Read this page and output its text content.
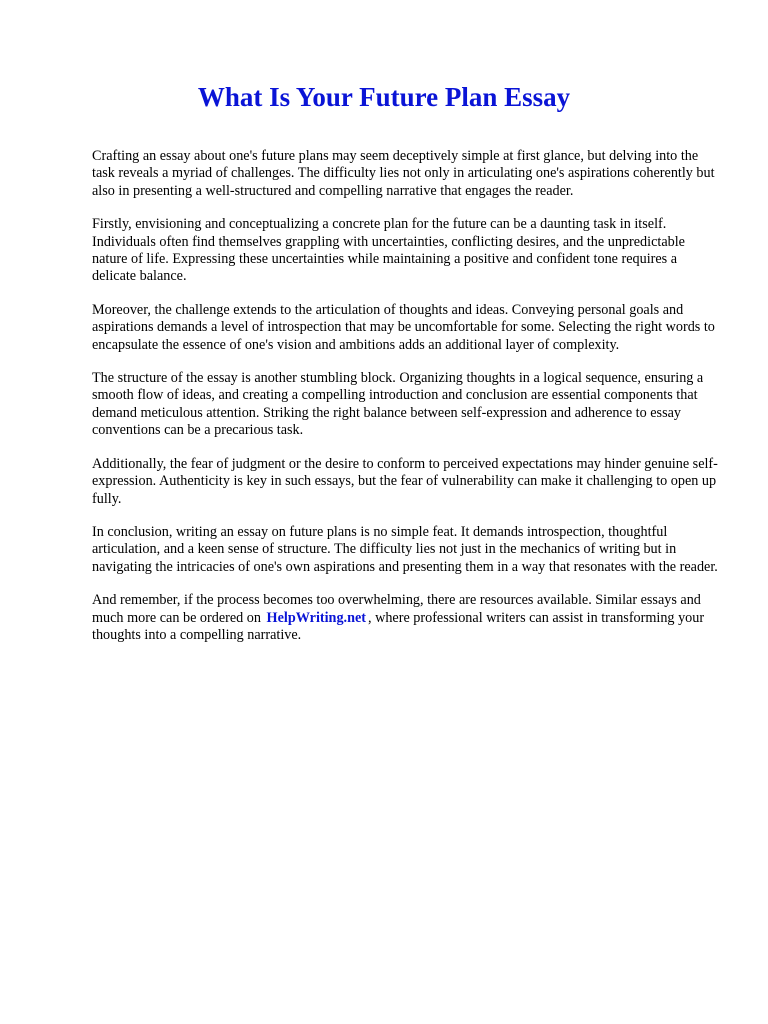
What Is Your Future Plan Essay

Crafting an essay about one's future plans may seem deceptively simple at first glance, but delving into the task reveals a myriad of challenges. The difficulty lies not only in articulating one's aspirations coherently but also in presenting a well-structured and compelling narrative that engages the reader.

Firstly, envisioning and conceptualizing a concrete plan for the future can be a daunting task in itself. Individuals often find themselves grappling with uncertainties, conflicting desires, and the unpredictable nature of life. Expressing these uncertainties while maintaining a positive and confident tone requires a delicate balance.

Moreover, the challenge extends to the articulation of thoughts and ideas. Conveying personal goals and aspirations demands a level of introspection that may be uncomfortable for some. Selecting the right words to encapsulate the essence of one's vision and ambitions adds an additional layer of complexity.

The structure of the essay is another stumbling block. Organizing thoughts in a logical sequence, ensuring a smooth flow of ideas, and creating a compelling introduction and conclusion are essential components that demand meticulous attention. Striking the right balance between self-expression and adherence to essay conventions can be a precarious task.

Additionally, the fear of judgment or the desire to conform to perceived expectations may hinder genuine self-expression. Authenticity is key in such essays, but the fear of vulnerability can make it challenging to open up fully.

In conclusion, writing an essay on future plans is no simple feat. It demands introspection, thoughtful articulation, and a keen sense of structure. The difficulty lies not just in the mechanics of writing but in navigating the intricacies of one's own aspirations and presenting them in a way that resonates with the reader.

And remember, if the process becomes too overwhelming, there are resources available. Similar essays and much more can be ordered on HelpWriting.net , where professional writers can assist in transforming your thoughts into a compelling narrative.
